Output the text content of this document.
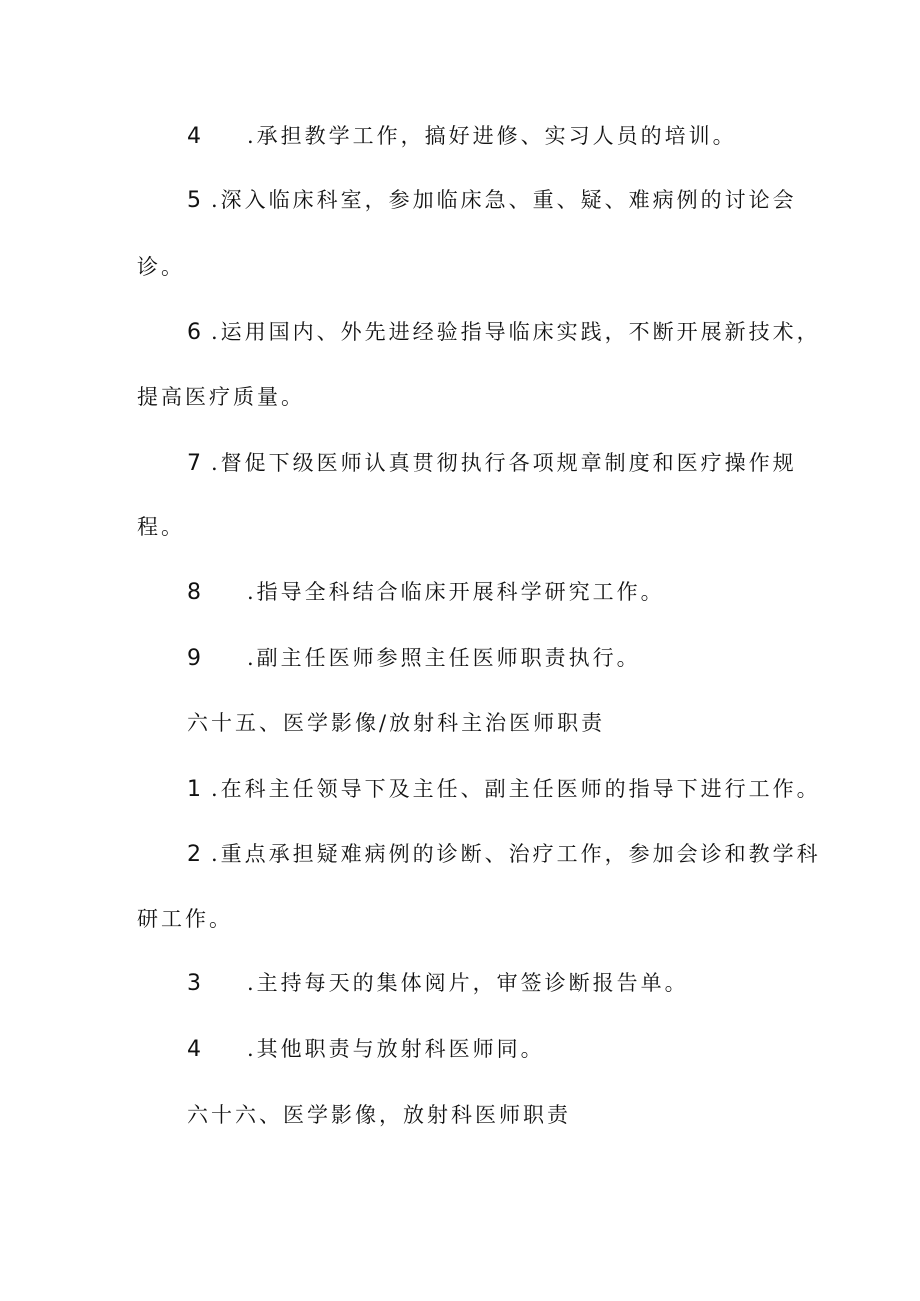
4 .承担教学工作，搞好进修、实习人员的培训。
5 .深入临床科室，参加临床急、重、疑、难病例的讨论会
诊。
6 .运用国内、外先进经验指导临床实践，不断开展新技术，
提高医疗质量。
7 .督促下级医师认真贯彻执行各项规章制度和医疗操作规
程。
8 .指导全科结合临床开展科学研究工作。
9 .副主任医师参照主任医师职责执行。
六十五、医学影像/放射科主治医师职责
1 .在科主任领导下及主任、副主任医师的指导下进行工作。
2 .重点承担疑难病例的诊断、治疗工作，参加会诊和教学科
研工作。
3 .主持每天的集体阅片，审签诊断报告单。
4 .其他职责与放射科医师同。
六十六、医学影像，放射科医师职责
